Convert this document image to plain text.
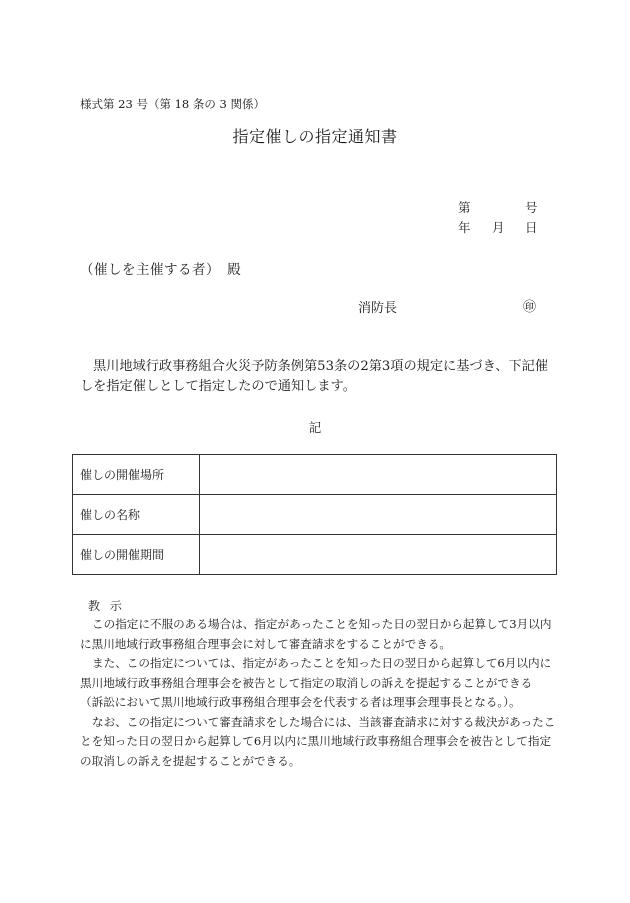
様式第 23 号（第 18 条の 3 関係）
指定催しの指定通知書
第	号
年 月 日
（催しを主催する者）　殿
消防長	㊞
黒川地域行政事務組合火災予防条例第53条の2第3項の規定に基づき、下記催しを指定催しとして指定したので通知します。
記
催しの開催場所	
催しの名称	
催しの開催期間	
教 示
この指定に不服のある場合は、指定があったことを知った日の翌日から起算して3月以内に黒川地域行政事務組合理事会に対して審査請求をすることができる。
また、この指定については、指定があったことを知った日の翌日から起算して6月以内に黒川地域行政事務組合理事会を被告として指定の取消しの訴えを提起することができる
（訴訟において黒川地域行政事務組合理事会を代表する者は理事会理事長となる。）。
なお、この指定について審査請求をした場合には、当該審査請求に対する裁決があったことを知った日の翌日から起算して6月以内に黒川地域行政事務組合理事会を被告として指定の取消しの訴えを提起することができる。
